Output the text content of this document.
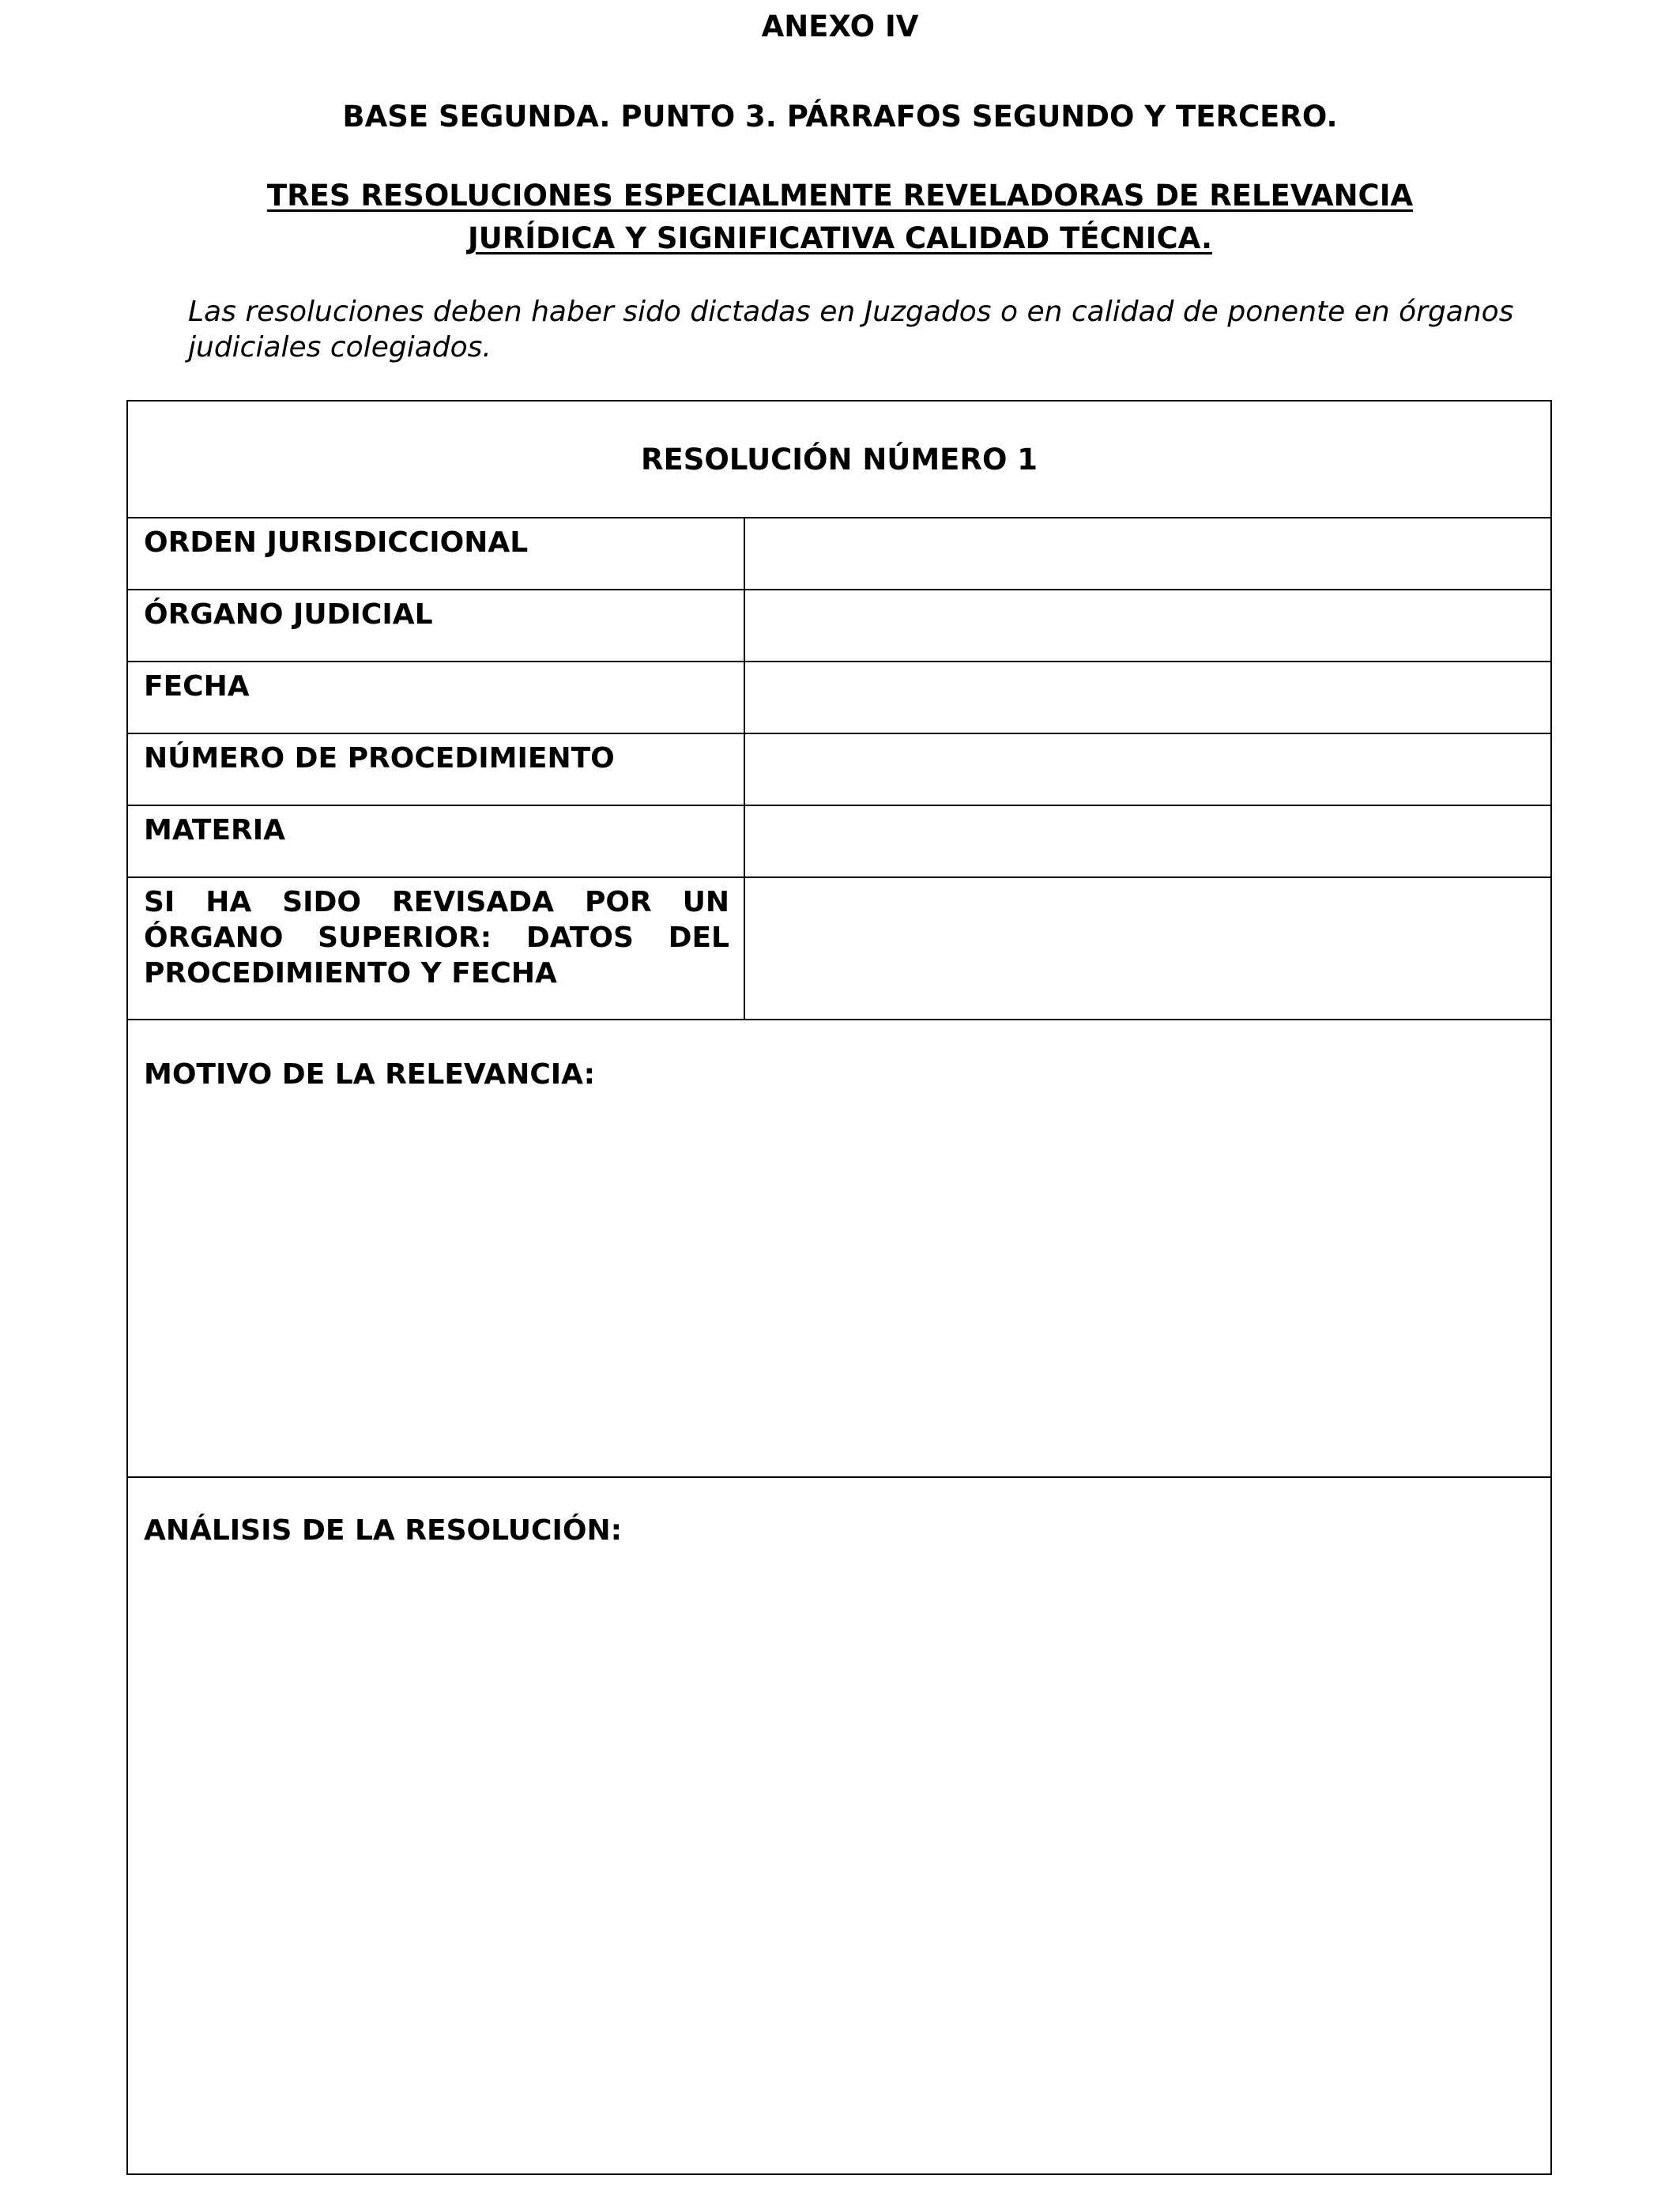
ANEXO IV
BASE SEGUNDA. PUNTO 3. PÁRRAFOS SEGUNDO Y TERCERO.
TRES RESOLUCIONES ESPECIALMENTE REVELADORAS DE RELEVANCIA
JURÍDICA Y SIGNIFICATIVA CALIDAD TÉCNICA.
Las resoluciones deben haber sido dictadas en Juzgados o en calidad de ponente en órganos judiciales colegiados.
RESOLUCIÓN NÚMERO 1
ORDEN JURISDICCIONAL
ÓRGANO JUDICIAL
FECHA
NÚMERO DE PROCEDIMIENTO
MATERIA
SI HA SIDO REVISADA POR UN ÓRGANO SUPERIOR: DATOS DEL PROCEDIMIENTO Y FECHA
MOTIVO DE LA RELEVANCIA:
ANÁLISIS DE LA RESOLUCIÓN:
